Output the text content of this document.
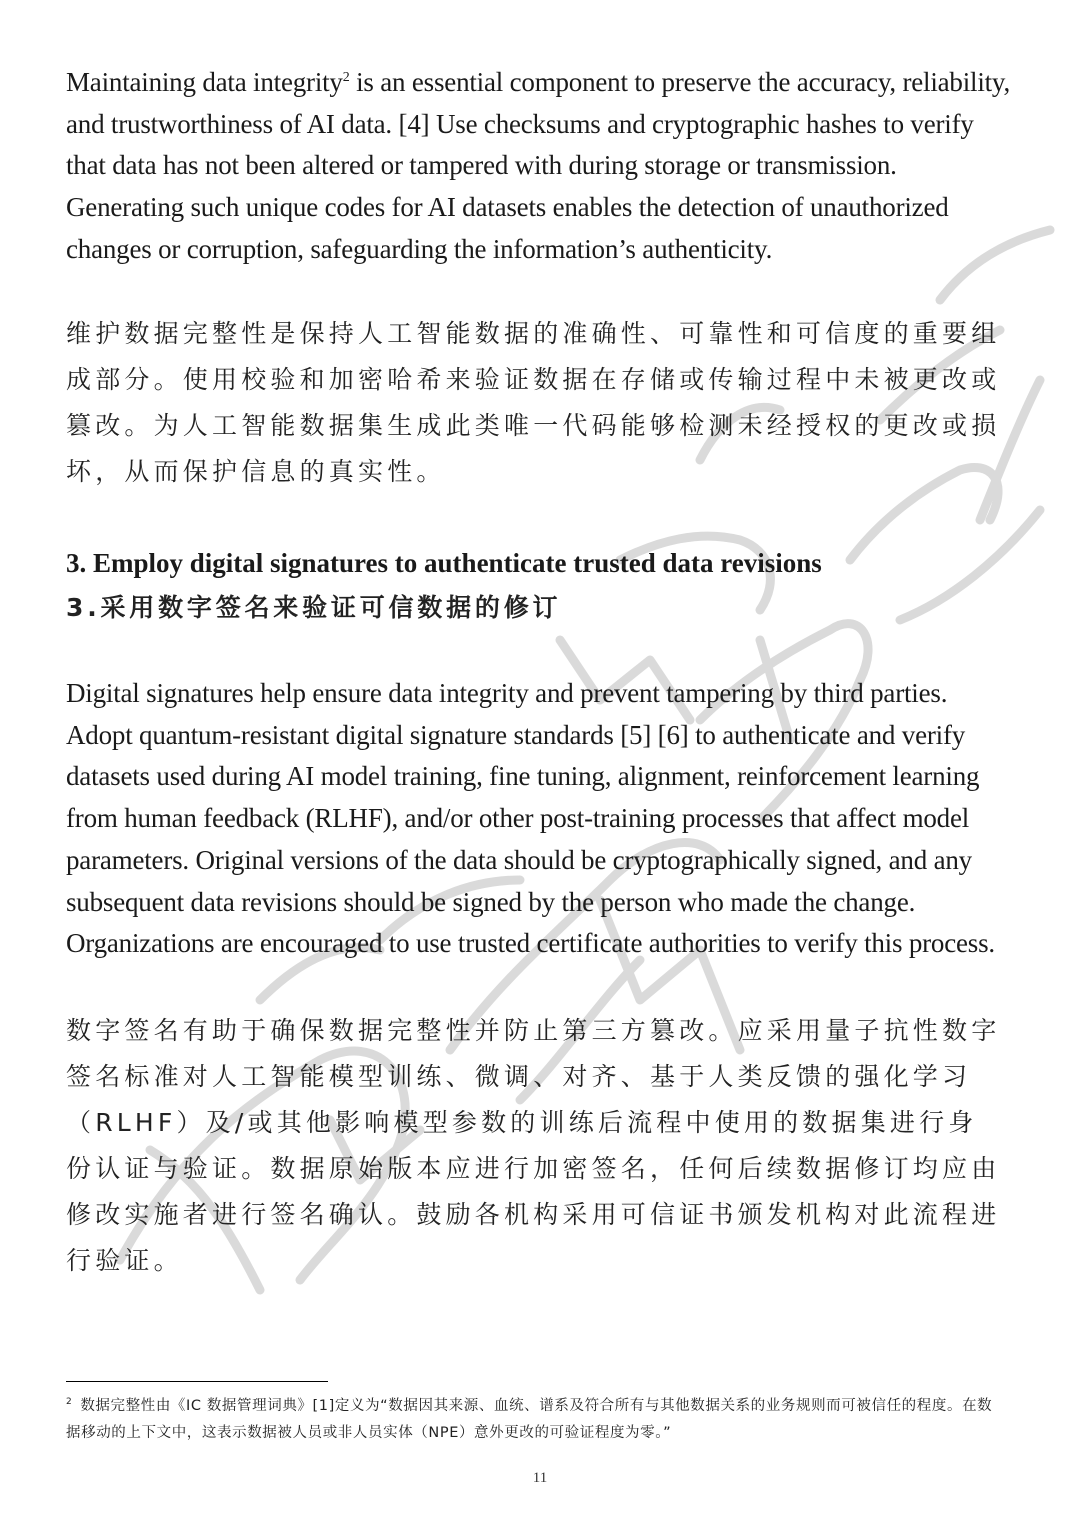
Maintaining data integrity$^2$ is an essential component to preserve the accuracy, reliability, and trustworthiness of AI data. [4] Use checksums and cryptographic hashes to verify that data has not been altered or tampered with during storage or transmission. Generating such unique codes for AI datasets enables the detection of unauthorized changes or corruption, safeguarding the information’s authenticity.

维护数据完整性是保持人工智能数据的准确性、可靠性和可信度的重要组成部分。使用校验和加密哈希来验证数据在存储或传输过程中未被更改或篡改。为人工智能数据集生成此类唯一代码能够检测未经授权的更改或损坏，从而保护信息的真实性。

3. Employ digital signatures to authenticate trusted data revisions
3.采用数字签名来验证可信数据的修订

Digital signatures help ensure data integrity and prevent tampering by third parties. Adopt quantum-resistant digital signature standards [5] [6] to authenticate and verify datasets used during AI model training, fine tuning, alignment, reinforcement learning from human feedback (RLHF), and/or other post-training processes that affect model parameters. Original versions of the data should be cryptographically signed, and any subsequent data revisions should be signed by the person who made the change. Organizations are encouraged to use trusted certificate authorities to verify this process.

数字签名有助于确保数据完整性并防止第三方篡改。应采用量子抗性数字签名标准对人工智能模型训练、微调、对齐、基于人类反馈的强化学习（RLHF）及/或其他影响模型参数的训练后流程中使用的数据集进行身份认证与验证。数据原始版本应进行加密签名，任何后续数据修订均应由修改实施者进行签名确认。鼓励各机构采用可信证书颁发机构对此流程进行验证。

$^2$ 数据完整性由《IC 数据管理词典》[1]定义为“数据因其来源、血统、谱系及符合所有与其他数据关系的业务规则而可被信任的程度。在数据移动的上下文中，这表示数据被人员或非人员实体（NPE）意外更改的可验证程度为零。”

11
